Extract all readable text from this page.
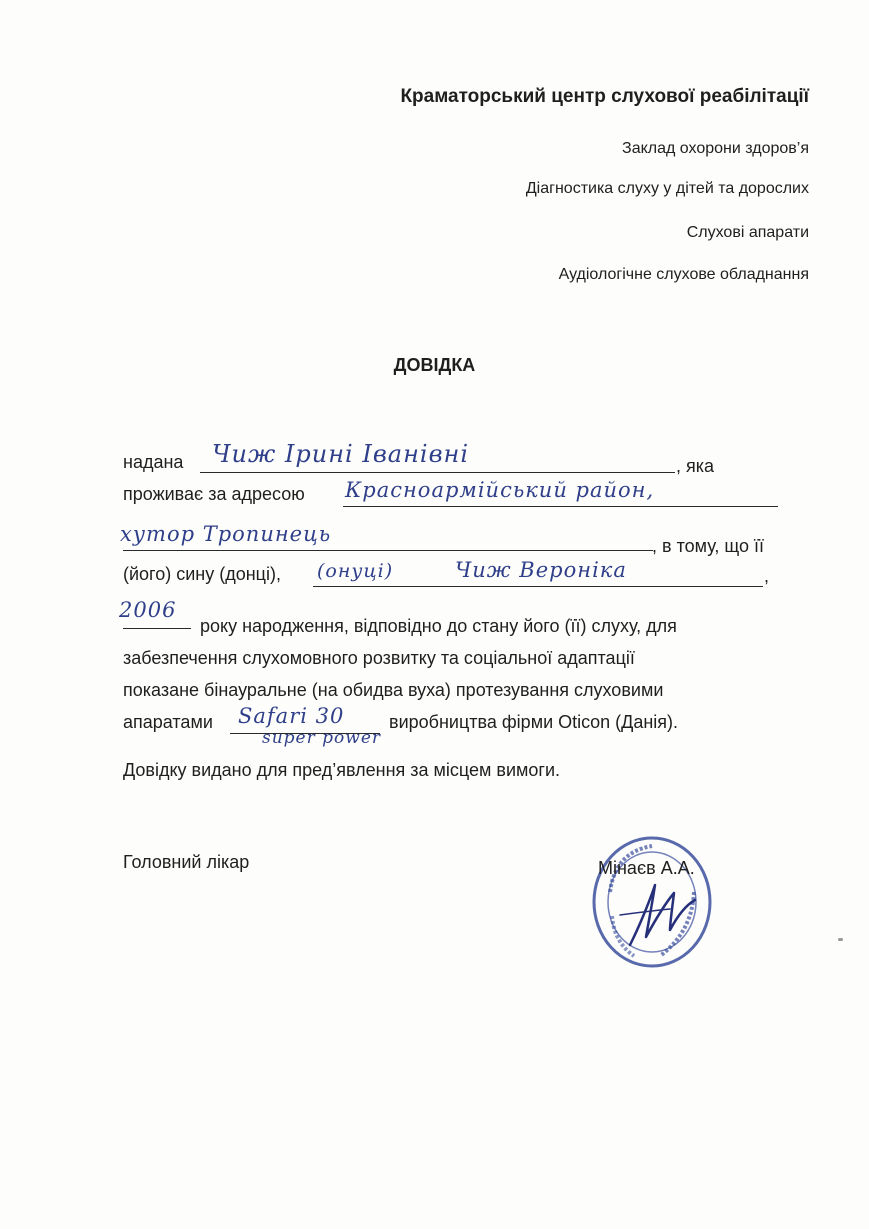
Краматорський центр слухової реабілітації
Заклад охорони здоров’я
Діагностика слуху у дітей та дорослих
Слухові апарати
Аудіологічне слухове обладнання
ДОВІДКА
надана Чиж Ірині Іванівні	, яка
проживає за адресою Красноармійський район,
хутор Тропинець	, в тому, що її
(його) сину (донці), (онуці)	Чиж Вероніка	,
2006
року народження, відповідно до стану його (її) слуху, для
забезпечення слухомовного розвитку та соціальної адаптації
показане бінауральне (на обидва вуха) протезування слуховими
апаратами Safari 30
super power
виробництва фірми Oticon (Данія).
Довідку видано для пред’явлення за місцем вимоги.
Головний лікар	Мінаєв А.А.
